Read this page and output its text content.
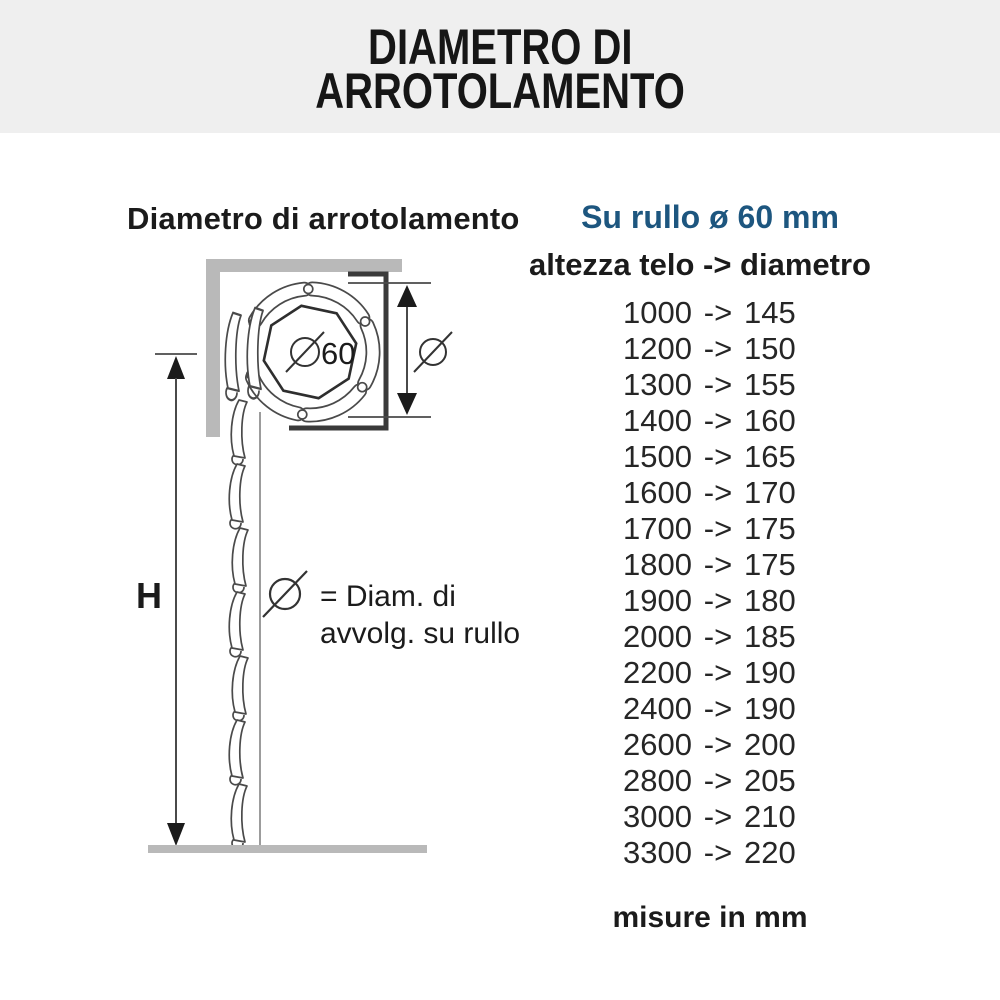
DIAMETRO DI
ARROTOLAMENTO
Diametro di arrotolamento
60
H	= Diam. di
avvolg. su rullo
Su rullo ø 60 mm
altezza telo -> diametro
1000 -> 145
1200 -> 150
1300 -> 155
1400 -> 160
1500 -> 165
1600 -> 170
1700 -> 175
1800 -> 175
1900 -> 180
2000 -> 185
2200 -> 190
2400 -> 190
2600 -> 200
2800 -> 205
3000 -> 210
3300 -> 220
misure in mm
